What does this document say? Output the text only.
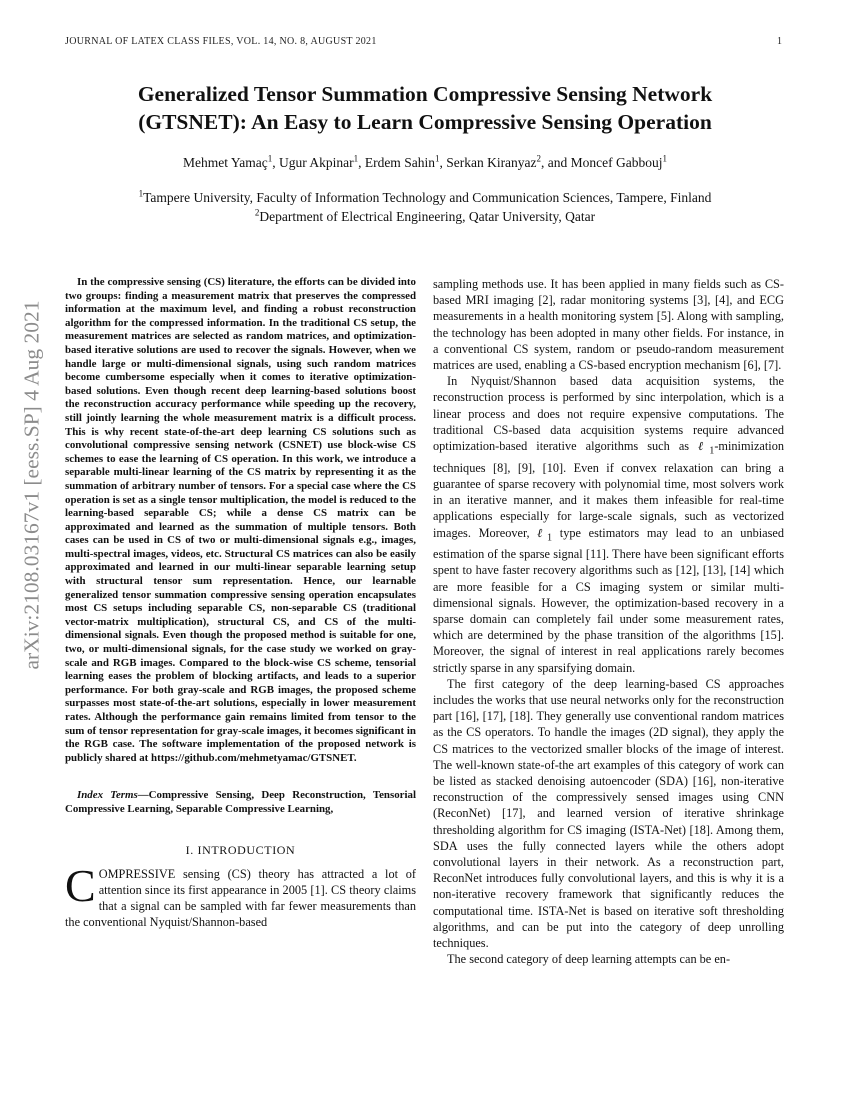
JOURNAL OF LATEX CLASS FILES, VOL. 14, NO. 8, AUGUST 2021	1
arXiv:2108.03167v1 [eess.SP] 4 Aug 2021
Generalized Tensor Summation Compressive Sensing Network
(GTSNET): An Easy to Learn Compressive Sensing Operation
Mehmet Yamaç$^1$, Ugur Akpinar$^1$, Erdem Sahin$^1$, Serkan Kiranyaz$^2$, and Moncef Gabbouj$^1$
$^1$Tampere University, Faculty of Information Technology and Communication Sciences, Tampere, Finland
$^2$Department of Electrical Engineering, Qatar University, Qatar

In the compressive sensing (CS) literature, the efforts can be divided into two groups: finding a measurement matrix that preserves the compressed information at the maximum level, and finding a robust reconstruction algorithm for the compressed information. In the traditional CS setup, the measurement matrices are selected as random matrices, and optimization-based iterative solutions are used to recover the signals. However, when we handle large or multi-dimensional signals, using such random matrices become cumbersome especially when it comes to iterative optimization-based solutions. Even though recent deep learning-based solutions boost the reconstruction accuracy performance while speeding up the recovery, still jointly learning the whole measurement matrix is a difficult process. This is why recent state-of-the-art deep learning CS solutions such as convolutional compressive sensing network (CSNET) use block-wise CS schemes to ease the learning of CS operation. In this work, we introduce a separable multi-linear learning of the CS matrix by representing it as the summation of arbitrary number of tensors. For a special case where the CS operation is set as a single tensor multiplication, the model is reduced to the learning-based separable CS; while a dense CS matrix can be approximated and learned as the summation of multiple tensors. Both cases can be used in CS of two or multi-dimensional signals e.g., images, multi-spectral images, videos, etc. Structural CS matrices can also be easily approximated and learned in our multi-linear separable learning setup with structural tensor sum representation. Hence, our learnable generalized tensor summation compressive sensing operation encapsulates most CS setups including separable CS, non-separable CS (traditional vector-matrix multiplication), structural CS, and CS of the multi-dimensional signals. Even though the proposed method is suitable for one, two, or multi-dimensional signals, for the case study we worked on gray-scale and RGB images. Compared to the block-wise CS scheme, tensorial learning eases the problem of blocking artifacts, and leads to a superior performance. For both gray-scale and RGB images, the proposed scheme surpasses most state-of-the-art solutions, especially in lower measurement rates. Although the performance gain remains limited from tensor to the sum of tensor representation for gray-scale images, it becomes significant in the RGB case. The software implementation of the proposed network is publicly shared at https://github.com/mehmetyamac/GTSNET.

Index Terms—Compressive Sensing, Deep Reconstruction, Tensorial Compressive Learning, Separable Compressive Learning,

I. INTRODUCTION

COMPRESSIVE sensing (CS) theory has attracted a lot of attention since its first appearance in 2005 [1]. CS theory claims that a signal can be sampled with far fewer measurements than the conventional Nyquist/Shannon-based

sampling methods use. It has been applied in many fields such as CS-based MRI imaging [2], radar monitoring systems [3], [4], and ECG measurements in a health monitoring system [5]. Along with sampling, the technology has been adopted in many other fields. For instance, in a conventional CS system, random or pseudo-random measurement matrices are used, enabling a CS-based encryption mechanism [6], [7].

In Nyquist/Shannon based data acquisition systems, the reconstruction process is performed by sinc interpolation, which is a linear process and does not require expensive computations. The traditional CS-based data acquisition systems require advanced optimization-based iterative algorithms such as ℓ$_1$-minimization techniques [8], [9], [10]. Even if convex relaxation can bring a guarantee of sparse recovery with polynomial time, most solvers work in an iterative manner, and it makes them infeasible for real-time applications especially for large-scale signals, such as vectorized images. Moreover, ℓ$_1$ type estimators may lead to an unbiased estimation of the sparse signal [11]. There have been significant efforts spent to have faster recovery algorithms such as [12], [13], [14] which are more feasible for a CS imaging system or similar multi-dimensional signals. However, the optimization-based recovery in a sparse domain can completely fail under some measurement rates, which are determined by the phase transition of the algorithms [15]. Moreover, the signal of interest in real applications rarely becomes strictly sparse in any sparsifying domain.

The first category of the deep learning-based CS approaches includes the works that use neural networks only for the reconstruction part [16], [17], [18]. They generally use conventional random matrices as the CS operators. To handle the images (2D signal), they apply the CS matrices to the vectorized smaller blocks of the image of interest. The well-known state-of-the art examples of this category of work can be listed as stacked denoising autoencoder (SDA) [16], non-iterative reconstruction of the compressively sensed images using CNN (ReconNet) [17], and learned version of iterative shrinkage thresholding algorithm for CS imaging (ISTA-Net) [18]. Among them, SDA uses the fully connected layers while the others adopt convolutional layers in their network. As a reconstruction part, ReconNet introduces fully convolutional layers, and this is why it is a non-iterative recovery framework that significantly reduces the computational time. ISTA-Net is based on iterative soft thresholding algorithms, and can be put into the category of deep unrolling techniques.

The second category of deep learning attempts can be en-
